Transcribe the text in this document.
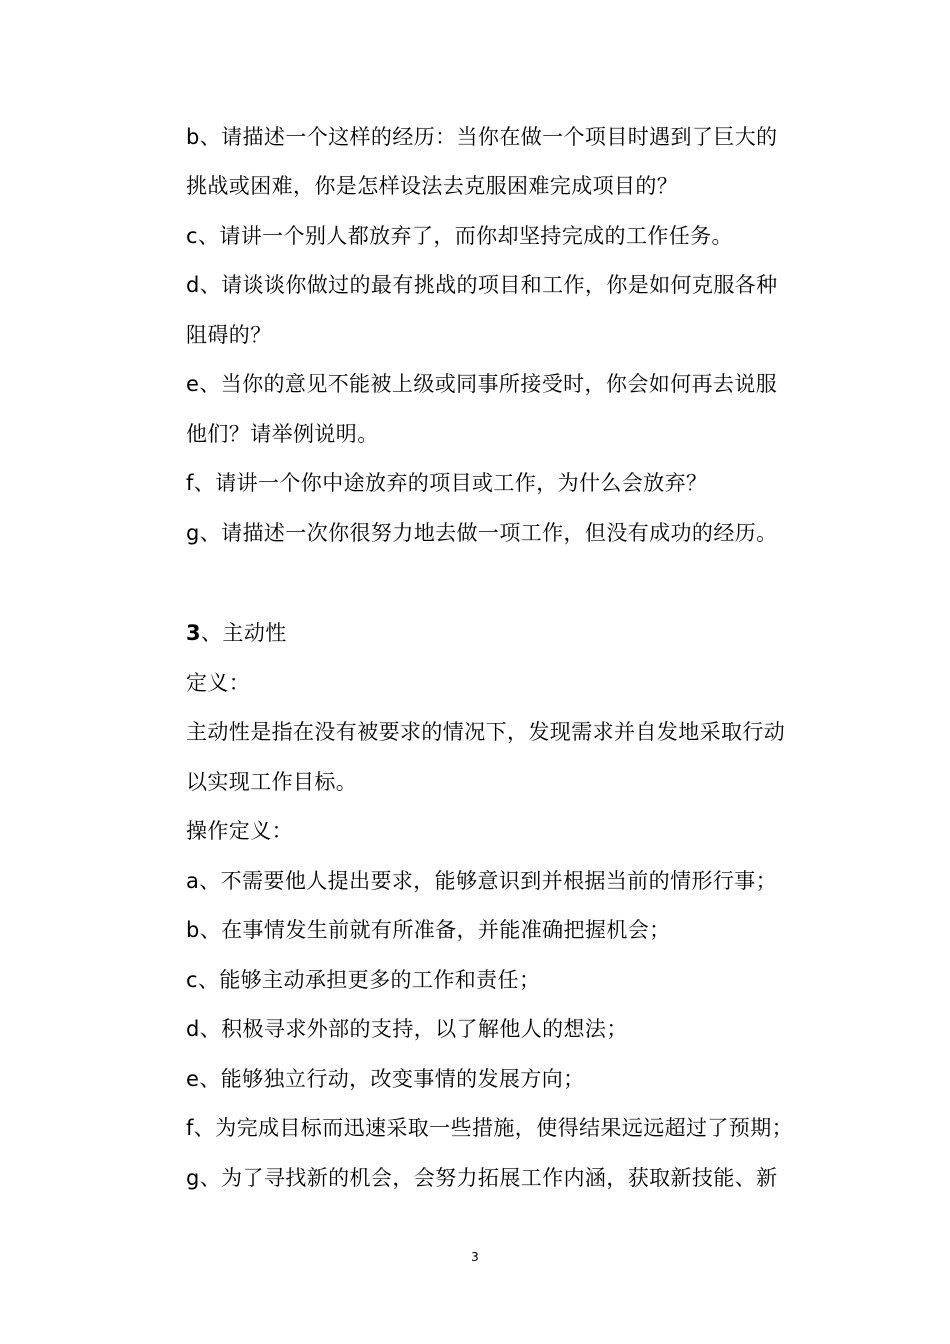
b、请描述一个这样的经历：当你在做一个项目时遇到了巨大的
挑战或困难，你是怎样设法去克服困难完成项目的？
c、请讲一个别人都放弃了，而你却坚持完成的工作任务。
d、请谈谈你做过的最有挑战的项目和工作，你是如何克服各种
阻碍的？
e、当你的意见不能被上级或同事所接受时，你会如何再去说服
他们？请举例说明。
f、请讲一个你中途放弃的项目或工作，为什么会放弃？
g、请描述一次你很努力地去做一项工作，但没有成功的经历。
3、主动性
定义：
主动性是指在没有被要求的情况下，发现需求并自发地采取行动
以实现工作目标。
操作定义：
a、不需要他人提出要求，能够意识到并根据当前的情形行事；
b、在事情发生前就有所准备，并能准确把握机会；
c、能够主动承担更多的工作和责任；
d、积极寻求外部的支持，以了解他人的想法；
e、能够独立行动，改变事情的发展方向；
f、为完成目标而迅速采取一些措施，使得结果远远超过了预期；
g、为了寻找新的机会，会努力拓展工作内涵，获取新技能、新
3
